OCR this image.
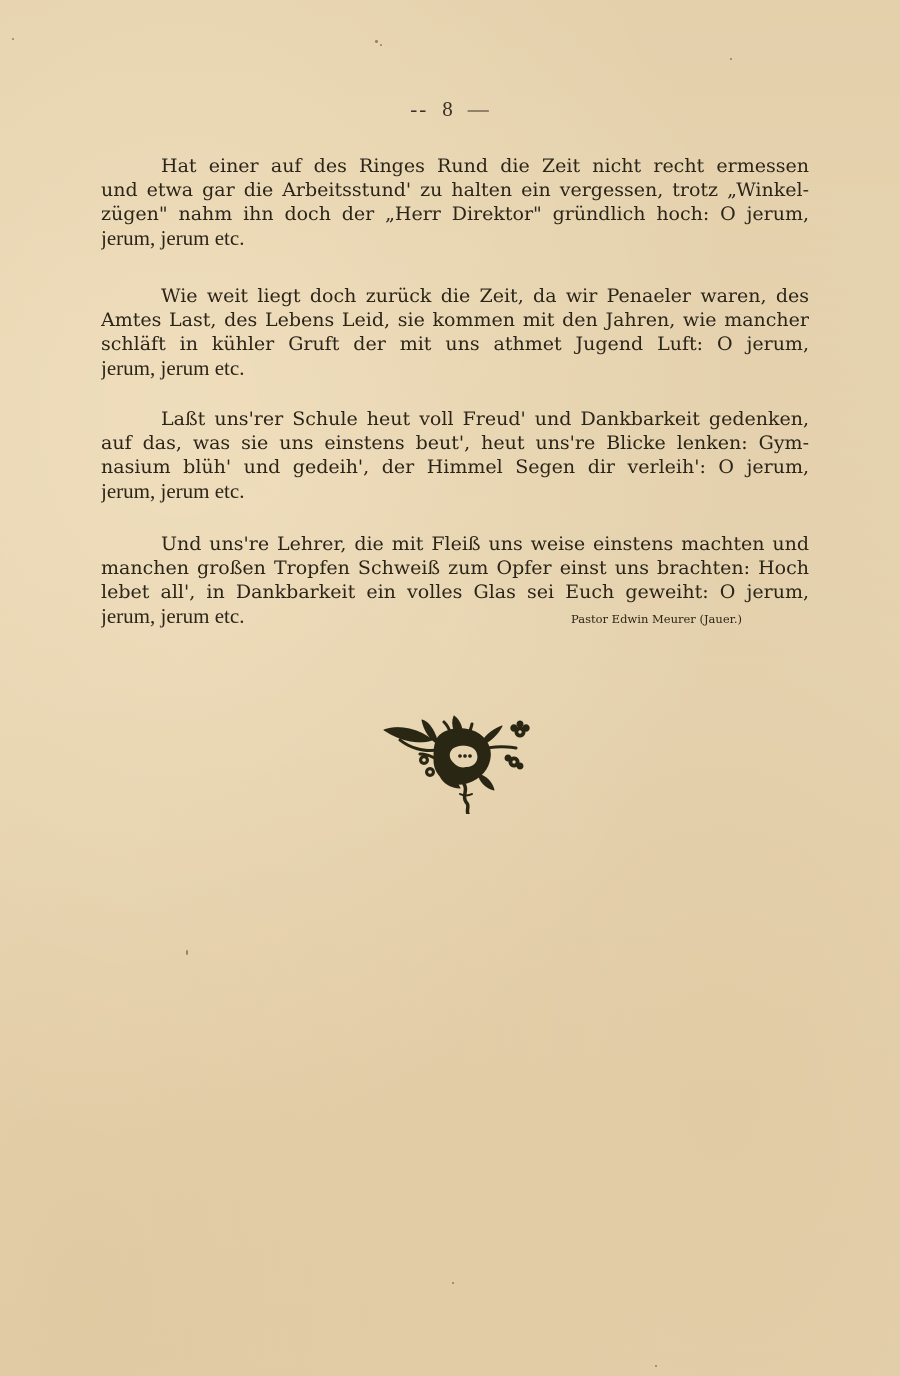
-- 8 —
Hat einer auf des Ringes Rund die Zeit nicht recht ermessen
und etwa gar die Arbeitsstund' zu halten ein vergessen, trotz „Winkel-
zügen" nahm ihn doch der „Herr Direktor" gründlich hoch: O jerum,
jerum, jerum etc.
Wie weit liegt doch zurück die Zeit, da wir Penaeler waren, des
Amtes Last, des Lebens Leid, sie kommen mit den Jahren, wie mancher
schläft in kühler Gruft der mit uns athmet Jugend Luft: O jerum,
jerum, jerum etc.
Laßt uns'rer Schule heut voll Freud' und Dankbarkeit gedenken,
auf das, was sie uns einstens beut', heut uns're Blicke lenken: Gym-
nasium blüh' und gedeih', der Himmel Segen dir verleih': O jerum,
jerum, jerum etc.
Und uns're Lehrer, die mit Fleiß uns weise einstens machten und
manchen großen Tropfen Schweiß zum Opfer einst uns brachten: Hoch
lebet all', in Dankbarkeit ein volles Glas sei Euch geweiht: O jerum,
jerum, jerum etc.	Pastor Edwin Meurer (Jauer.)
